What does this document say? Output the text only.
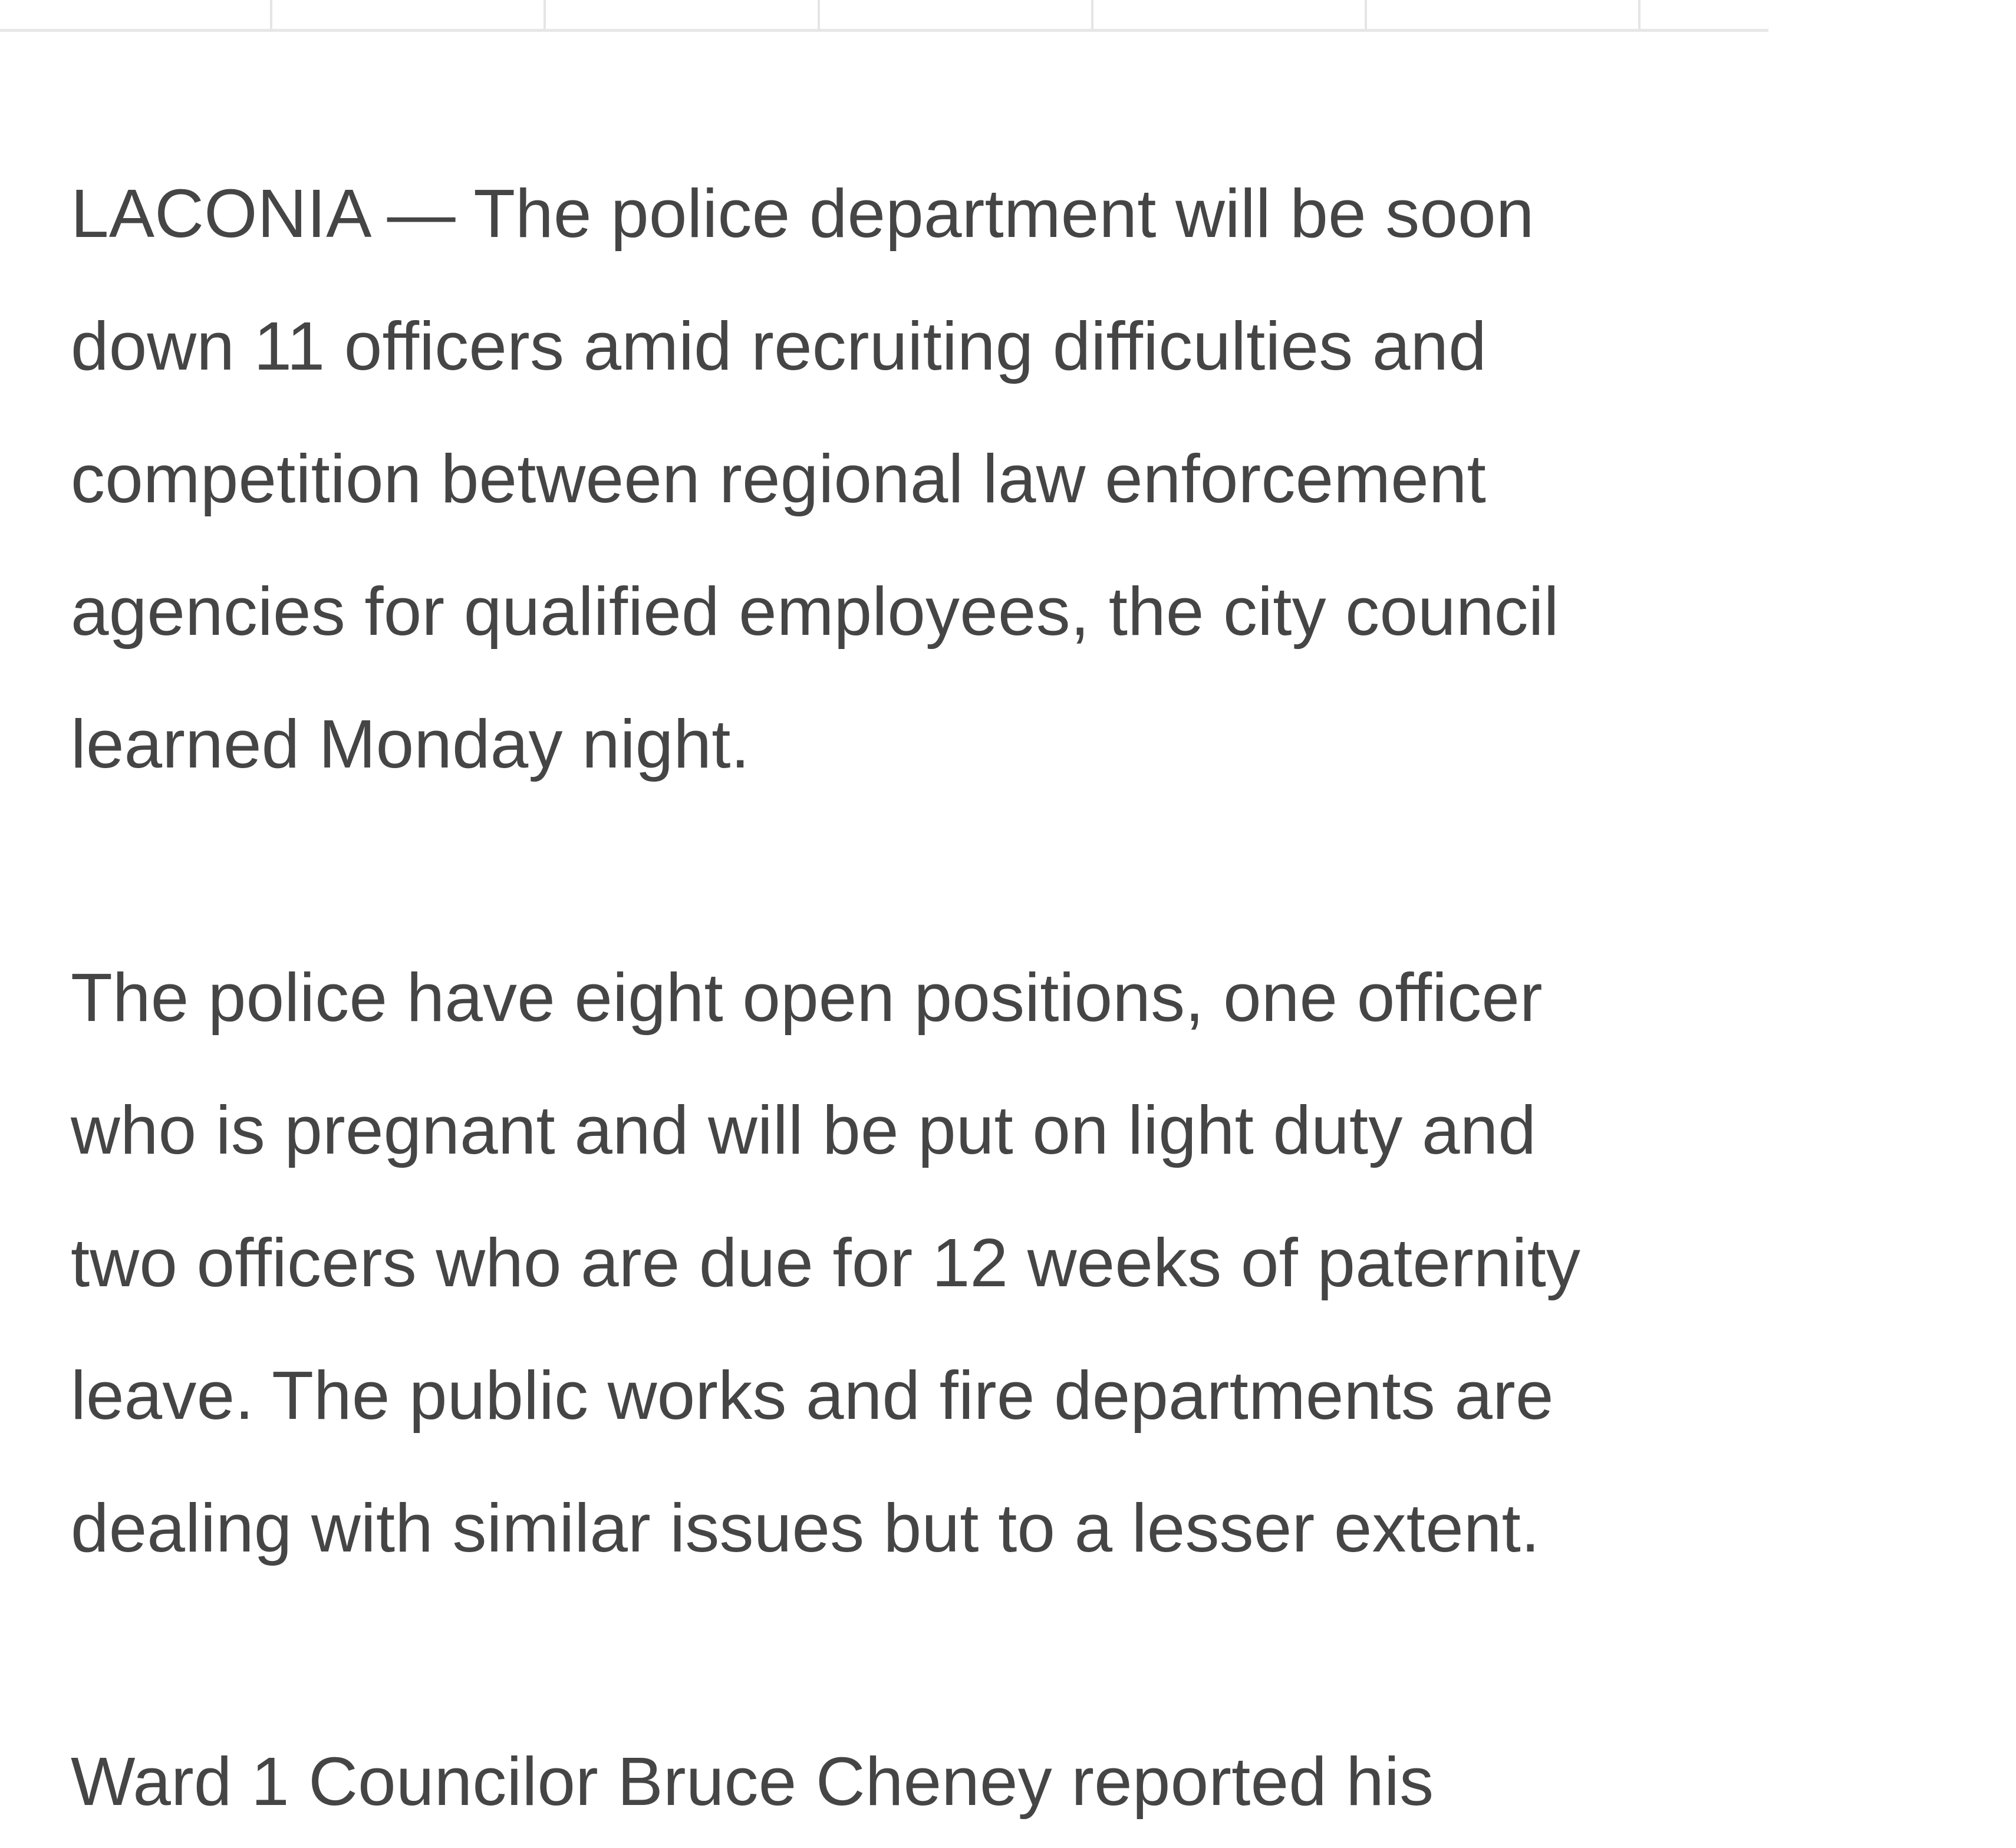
LACONIA — The police department will be soon
down 11 officers amid recruiting difficulties and
competition between regional law enforcement
agencies for qualified employees, the city council
learned Monday night.

The police have eight open positions, one officer
who is pregnant and will be put on light duty and
two officers who are due for 12 weeks of paternity
leave. The public works and fire departments are
dealing with similar issues but to a lesser extent.

Ward 1 Councilor Bruce Cheney reported his
